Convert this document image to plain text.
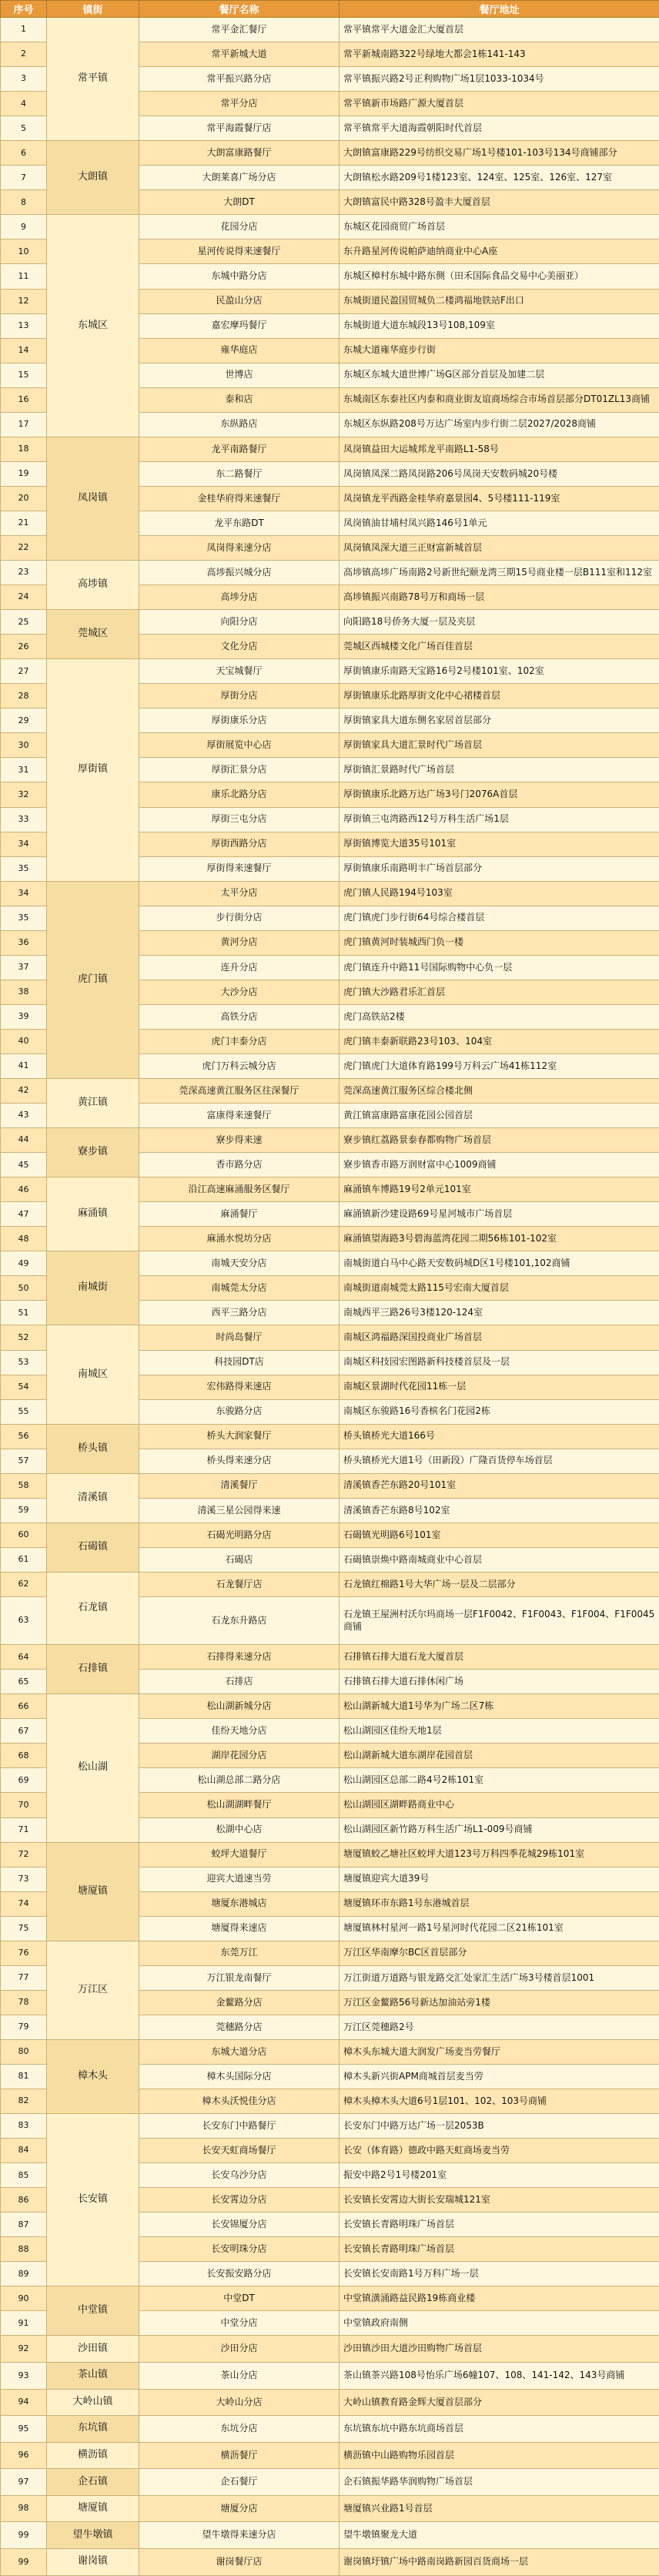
序号	镇街	餐厅名称	餐厅地址
1	常平镇	常平金汇餐厅	常平镇常平大道金汇大厦首层
2		常平新城大道	常平新城南路322号绿地大都会1栋141-143
3		常平振兴路分店	常平镇振兴路2号正利购物广场1层1033-1034号
4		常平分店	常平镇新市场路广源大厦首层
5		常平海霞餐厅店	常平镇常平大道海霞朝阳时代首层
6	大朗镇	大朗富康路餐厅	大朗镇富康路229号纺织交易广场1号楼101-103号134号商铺部分
7		大朗莱喜广场分店	大朗镇松水路209号1楼123室、124室、125室、126室、127室
8		大朗DT	大朗镇富民中路328号盈丰大厦首层
9	东城区	花园分店	东城区花园商贸广场首层
10		星河传说得来速餐厅	东升路星河传说帕萨迪纳商业中心A座
11		东城中路分店	东城区樟村东城中路东侧（田禾国际食品交易中心美丽亚）
12		民盈山分店	东城街道民盈国贸城负二楼鸿福地铁站F出口
13		嘉宏摩玛餐厅	东城街道大道东城段13号108,109室
14		雍华庭店	东城大道雍华庭步行街
15		世博店	东城区东城大道世博广场G区部分首层及加建二层
16		泰和店	东城南区东泰社区内泰和商业街友谊商场综合市场首层部分DT01ZL13商铺
17		东纵路店	东城区东纵路208号万达广场室内步行街二层2027/2028商铺
18	凤岗镇	龙平南路餐厅	凤岗镇益田大运城邦龙平南路L1-58号
19		东二路餐厅	凤岗镇凤深二路凤岗路206号凤岗天安数码城20号楼
20		金桂华府得来速餐厅	凤岗镇龙平西路金桂华府嘉景园4、5号楼111-119室
21		龙平东路DT	凤岗镇油甘埔村凤兴路146号1单元
22		凤岗得来速分店	凤岗镇凤深大道三正财富新城首层
23	高埗镇	高埗振兴城分店	高埗镇高埗广场南路2号新世纪颐龙湾三期15号商业楼一层B111室和112室
24		高埗分店	高埗镇振兴南路78号万和商场一层
25	莞城区	向阳分店	向阳路18号侨务大厦一层及夹层
26		文化分店	莞城区西城楼文化广场百佳首层
27	厚街镇	天宝城餐厅	厚街镇康乐南路天宝路16号2号楼101室、102室
28		厚街分店	厚街镇康乐北路厚街文化中心裙楼首层
29		厚街康乐分店	厚街镇家具大道东侧名家居首层部分
30		厚街展览中心店	厚街镇家具大道汇景时代广场首层
31		厚街汇景分店	厚街镇汇景路时代广场首层
32		康乐北路分店	厚街镇康乐北路万达广场3号门2076A首层
33		厚街三屯分店	厚街镇三屯湾路西12号万科生活广场1层
34		厚街西路分店	厚街镇博览大道35号101室
35		厚街得来速餐厅	厚街镇康乐南路明丰广场首层部分
34	虎门镇	太平分店	虎门镇人民路194号103室
35		步行街分店	虎门镇虎门步行街64号综合楼首层
36		黄河分店	虎门镇黄河时装城西门负一楼
37		连升分店	虎门镇连升中路11号国际购物中心负一层
38		大沙分店	虎门镇大沙路君乐汇首层
39		高铁分店	虎门高铁站2楼
40		虎门丰泰分店	虎门镇丰泰新联路23号103、104室
41		虎门万科云城分店	虎门镇虎门大道体育路199号万科云广场41栋112室
42	黄江镇	莞深高速黄江服务区往深餐厅	莞深高速黄江服务区综合楼北侧
43		富康得来速餐厅	黄江镇富康路富康花园公园首层
44	寮步镇	寮步得来速	寮步镇红荔路景泰春都购物广场首层
45		香市路分店	寮步镇香市路万润财富中心1009商铺
46	麻涌镇	沿江高速麻涌服务区餐厅	麻涌镇车博路19号2单元101室
47		麻涌餐厅	麻涌镇新沙建设路69号星河城市广场首层
48		麻涌水悦坊分店	麻涌镇望海路3号碧海蓝湾花园二期56栋101-102室
49	南城街	南城天安分店	南城街道白马中心路天安数码城D区1号楼101,102商铺
50		南城莞太分店	南城街道南城莞太路115号宏南大厦首层
51		西平三路分店	南城西平三路26号3楼120-124室
52	南城区	时尚岛餐厅	南城区鸿福路深国投商业广场首层
53		科技园DT店	南城区科技园宏图路新科技楼首层及一层
54		宏伟路得来速店	南城区景湖时代花园11栋一层
55		东骏路分店	南城区东骏路16号香槟名门花园2栋
56	桥头镇	桥头大润家餐厅	桥头镇桥光大道166号
57		桥头得来速分店	桥头镇桥光大道1号（田新段）广隆百货停车场首层
58	清溪镇	清溪餐厅	清溪镇香芒东路20号101室
59		清溪三星公园得来速	清溪镇香芒东路8号102室
60	石碣镇	石碣光明路分店	石碣镇光明路6号101室
61		石碣店	石碣镇崇焕中路南城商业中心首层
62	石龙镇	石龙餐厅店	石龙镇红棉路1号大华广场一层及二层部分
63		石龙东升路店	石龙镇王屋洲村沃尔玛商场一层F1F0042、F1F0043、F1F004、F1F0045商铺
64	石排镇	石排得来速分店	石排镇石排大道石龙大厦首层
65		石排店	石排镇石排大道石排休闲广场
66	松山湖	松山湖新城分店	松山湖新城大道1号华为广场二区7栋
67		佳纷天地分店	松山湖园区佳纷天地1层
68		湖岸花园分店	松山湖新城大道东湖岸花园首层
69		松山湖总部二路分店	松山湖园区总部二路4号2栋101室
70		松山湖湖畔餐厅	松山湖园区湖畔路商业中心
71		松湖中心店	松山湖园区新竹路万科生活广场L1-009号商铺
72	塘厦镇	蛟坪大道餐厅	塘厦镇蛟乙塘社区蛟坪大道123号万科四季花城29栋101室
73		迎宾大道速当劳	塘厦镇迎宾大道39号
74		塘厦东港城店	塘厦镇环市东路1号东港城首层
75		塘厦得来速店	塘厦镇林村星河一路1号星河时代花园二区21栋101室
76	万江区	东莞万江	万江区华南摩尔BC区首层部分
77		万江银龙南餐厅	万江街道万道路与银龙路交汇处家汇生活广场3号楼首层1001
78		金鳌路分店	万江区金鳌路56号新达加油站旁1楼
79		莞穗路分店	万江区莞穗路2号
80	樟木头	东城大道分店	樟木头东城大道大润发广场麦当劳餐厅
81		樟木头国际分店	樟木头新兴街APM商城首层麦当劳
82		樟木头沃悦佳分店	樟木头樟木头大道6号1层101、102、103号商铺
83	长安镇	长安东门中路餐厅	长安东门中路万达广场一层2053B
84		长安天虹商场餐厅	长安（体育路）德政中路天虹商场麦当劳
85		长安乌沙分店	振安中路2号1号楼201室
86		长安霄边分店	长安镇长安霄边大街长安瑞城121室
87		长安锦厦分店	长安镇长青路明珠广场首层
88		长安明珠分店	长安镇长青路明珠广场首层
89		长安振安路分店	长安镇长安南路1号万科广场一层
90	中堂镇	中堂DT	中堂镇潢涌路益民路19栋商业楼
91		中堂分店	中堂镇政府南侧
92	沙田镇	沙田分店	沙田镇沙田大道沙田购物广场首层
93	茶山镇	茶山分店	茶山镇茶兴路108号怡乐广场6幢107、108、141-142、143号商铺
94	大岭山镇	大岭山分店	大岭山镇教育路金辉大厦首层部分
95	东坑镇	东坑分店	东坑镇东坑中路东坑商场首层
96	横沥镇	横沥餐厅	横沥镇中山路购物乐园首层
97	企石镇	企石餐厅	企石镇振华路华润购物广场首层
98	塘厦镇	塘厦分店	塘厦镇兴业路1号首层
99	望牛墩镇	望牛墩得来速分店	望牛墩镇聚龙大道
99	谢岗镇	谢岗餐厅店	谢岗镇圩镇广场中路南岗路新园百货商场一层
